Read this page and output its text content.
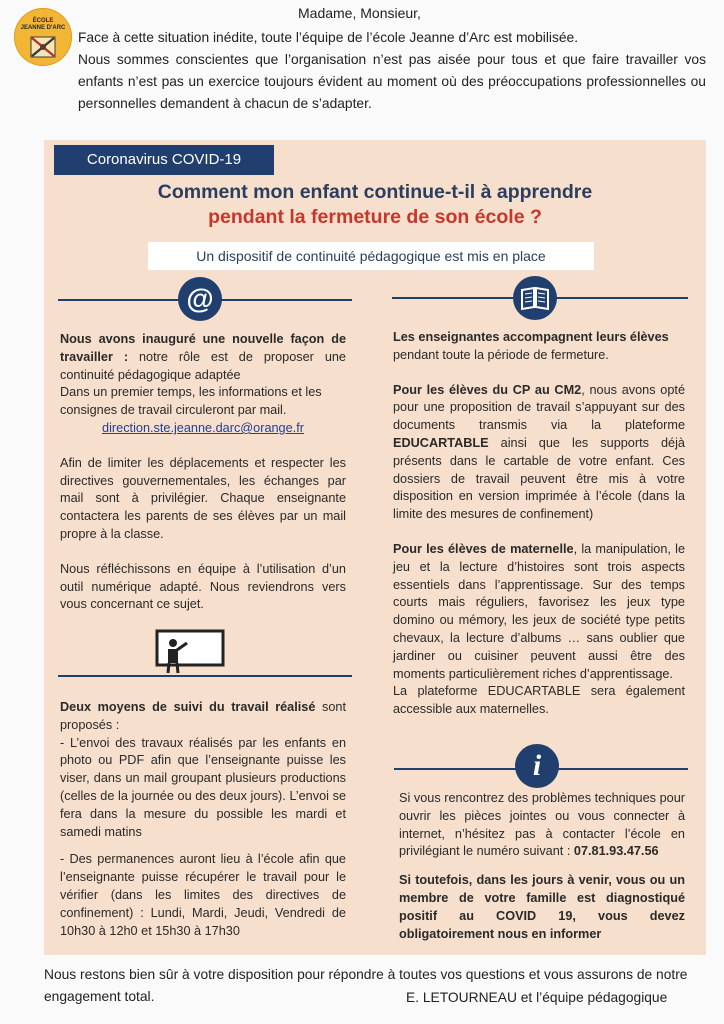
ÉCOLE
JEANNE D'ARC
Madame, Monsieur,

Face à cette situation inédite, toute l’équipe de l’école Jeanne d’Arc est mobilisée.

Nous sommes conscientes que l’organisation n’est pas aisée pour tous et que faire travailler vos enfants n’est pas un exercice toujours évident au moment où des préoccupations professionnelles ou personnelles demandent à chacun de s’adapter.

Coronavirus COVID-19
Comment mon enfant continue-t-il à apprendre
pendant la fermeture de son école ?
Un dispositif de continuité pédagogique est mis en place
@
i

Nous avons inauguré une nouvelle façon de travailler : notre rôle est de proposer une continuité pédagogique adaptée

Dans un premier temps, les informations et les consignes de travail circuleront par mail.

direction.ste.jeanne.darc@orange.fr

Afin de limiter les déplacements et respecter les directives gouvernementales, les échanges par mail sont à privilégier. Chaque enseignante contactera les parents de ses élèves par un mail propre à la classe.

Nous réfléchissons en équipe à l’utilisation d’un outil numérique adapté. Nous reviendrons vers vous concernant ce sujet.

Deux moyens de suivi du travail réalisé sont proposés :

- L’envoi des travaux réalisés par les enfants en photo ou PDF afin que l’enseignante puisse les viser, dans un mail groupant plusieurs productions (celles de la journée ou des deux jours). L’envoi se fera dans la mesure du possible les mardi et samedi matins

- Des permanences auront lieu à l’école afin que l’enseignante puisse récupérer le travail pour le vérifier (dans les limites des directives de confinement) : Lundi, Mardi, Jeudi, Vendredi de 10h30 à 12h0 et 15h30 à 17h30

Les enseignantes accompagnent leurs élèves

pendant toute la période de fermeture.

Pour les élèves du CP au CM2, nous avons opté pour une proposition de travail s’appuyant sur des documents transmis via la plateforme EDUCARTABLE ainsi que les supports déjà présents dans le cartable de votre enfant. Ces dossiers de travail peuvent être mis à votre disposition en version imprimée à l’école (dans la limite des mesures de confinement)

Pour les élèves de maternelle, la manipulation, le jeu et la lecture d’histoires sont trois aspects essentiels dans l’apprentissage. Sur des temps courts mais réguliers, favorisez les jeux type domino ou mémory, les jeux de société type petits chevaux, la lecture d’albums … sans oublier que jardiner ou cuisiner peuvent aussi être des moments particulièrement riches d’apprentissage.

La plateforme EDUCARTABLE sera également accessible aux maternelles.

Si vous rencontrez des problèmes techniques pour ouvrir les pièces jointes ou vous connecter à internet, n’hésitez pas à contacter l’école en privilégiant le numéro suivant : 07.81.93.47.56

Si toutefois, dans les jours à venir, vous ou un membre de votre famille est diagnostiqué positif au COVID 19, vous devez obligatoirement nous en informer

Nous restons bien sûr à votre disposition pour répondre à toutes vos questions et vous assurons de notre engagement total.	E. LETOURNEAU et l’équipe pédagogique
